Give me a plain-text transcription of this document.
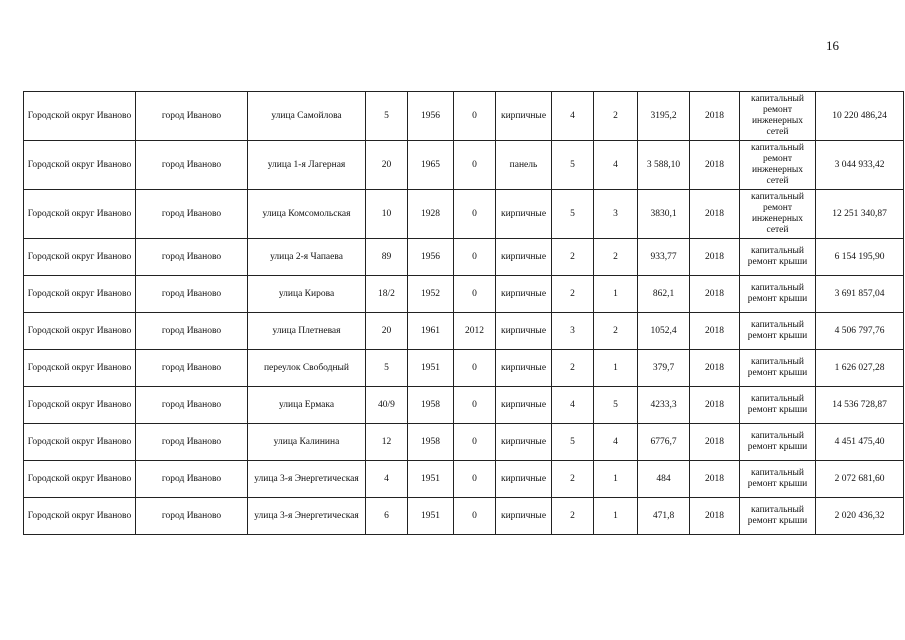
16
Городской округ Иваново	город Иваново	улица Самойлова	5	1956	0	кирпичные	4	2	3195,2	2018	капитальный ремонт инженерных сетей	10 220 486,24
Городской округ Иваново	город Иваново	улица 1-я Лагерная	20	1965	0	панель	5	4	3 588,10	2018	капитальный ремонт инженерных сетей	3 044 933,42
Городской округ Иваново	город Иваново	улица Комсомольская	10	1928	0	кирпичные	5	3	3830,1	2018	капитальный ремонт инженерных сетей	12 251 340,87
Городской округ Иваново	город Иваново	улица 2-я Чапаева	89	1956	0	кирпичные	2	2	933,77	2018	капитальный ремонт крыши	6 154 195,90
Городской округ Иваново	город Иваново	улица Кирова	18/2	1952	0	кирпичные	2	1	862,1	2018	капитальный ремонт крыши	3 691 857,04
Городской округ Иваново	город Иваново	улица Плетневая	20	1961	2012	кирпичные	3	2	1052,4	2018	капитальный ремонт крыши	4 506 797,76
Городской округ Иваново	город Иваново	переулок Свободный	5	1951	0	кирпичные	2	1	379,7	2018	капитальный ремонт крыши	1 626 027,28
Городской округ Иваново	город Иваново	улица Ермака	40/9	1958	0	кирпичные	4	5	4233,3	2018	капитальный ремонт крыши	14 536 728,87
Городской округ Иваново	город Иваново	улица Калинина	12	1958	0	кирпичные	5	4	6776,7	2018	капитальный ремонт крыши	4 451 475,40
Городской округ Иваново	город Иваново	улица 3-я Энергетическая	4	1951	0	кирпичные	2	1	484	2018	капитальный ремонт крыши	2 072 681,60
Городской округ Иваново	город Иваново	улица 3-я Энергетическая	6	1951	0	кирпичные	2	1	471,8	2018	капитальный ремонт крыши	2 020 436,32
